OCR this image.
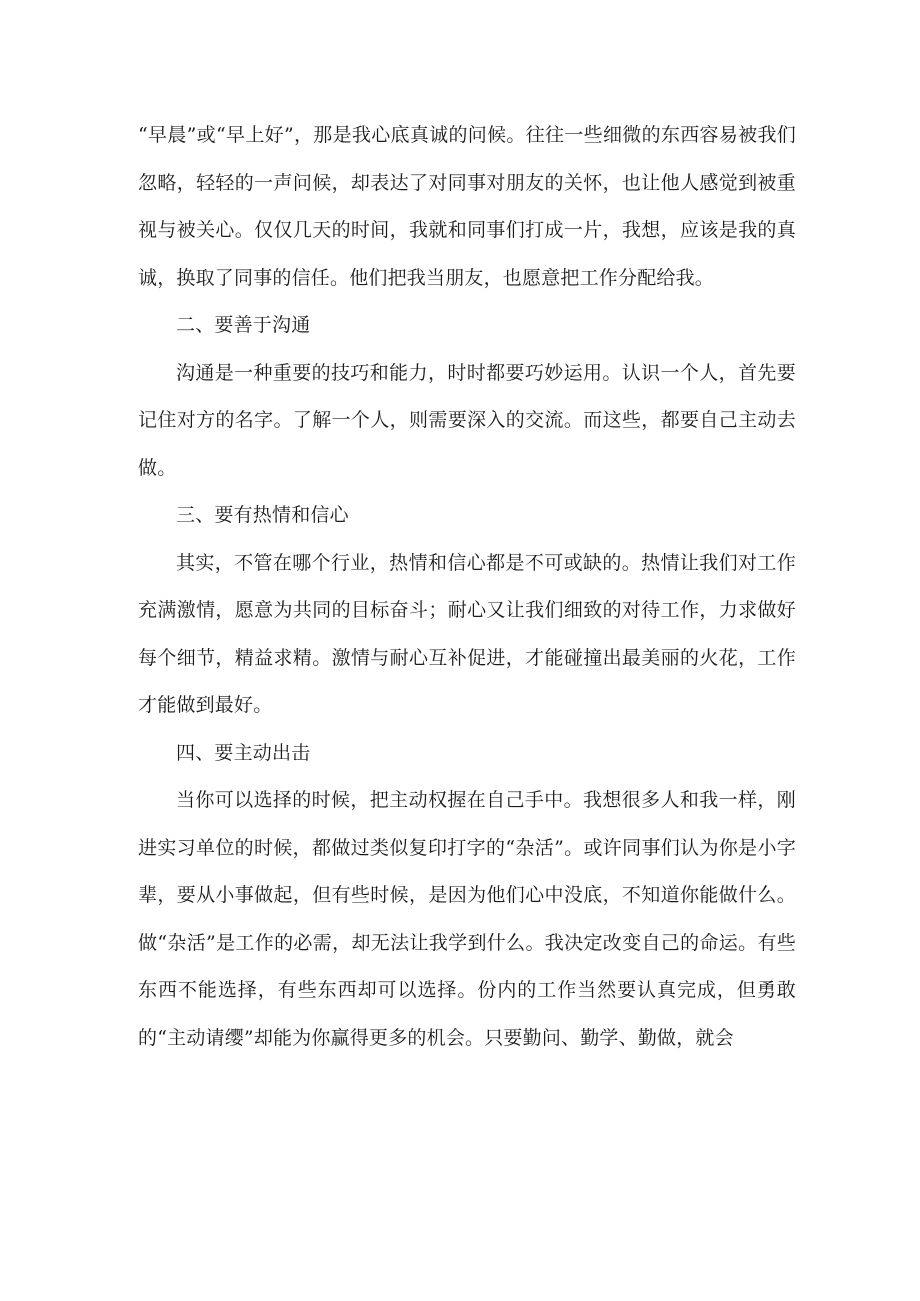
“早晨”或“早上好”，那是我心底真诚的问候。往往一些细微的东西容易被我们忽略，轻轻的一声问候，却表达了对同事对朋友的关怀，也让他人感觉到被重视与被关心。仅仅几天的时间，我就和同事们打成一片，我想，应该是我的真诚，换取了同事的信任。他们把我当朋友，也愿意把工作分配给我。

二、要善于沟通

沟通是一种重要的技巧和能力，时时都要巧妙运用。认识一个人，首先要记住对方的名字。了解一个人，则需要深入的交流。而这些，都要自己主动去做。

三、要有热情和信心

其实，不管在哪个行业，热情和信心都是不可或缺的。热情让我们对工作充满激情，愿意为共同的目标奋斗；耐心又让我们细致的对待工作，力求做好每个细节，精益求精。激情与耐心互补促进，才能碰撞出最美丽的火花，工作才能做到最好。

四、要主动出击

当你可以选择的时候，把主动权握在自己手中。我想很多人和我一样，刚进实习单位的时候，都做过类似复印打字的“杂活”。或许同事们认为你是小字辈，要从小事做起，但有些时候，是因为他们心中没底，不知道你能做什么。做“杂活”是工作的必需，却无法让我学到什么。我决定改变自己的命运。有些东西不能选择，有些东西却可以选择。份内的工作当然要认真完成，但勇敢的“主动请缨”却能为你赢得更多的机会。只要勤问、勤学、勤做，就会
